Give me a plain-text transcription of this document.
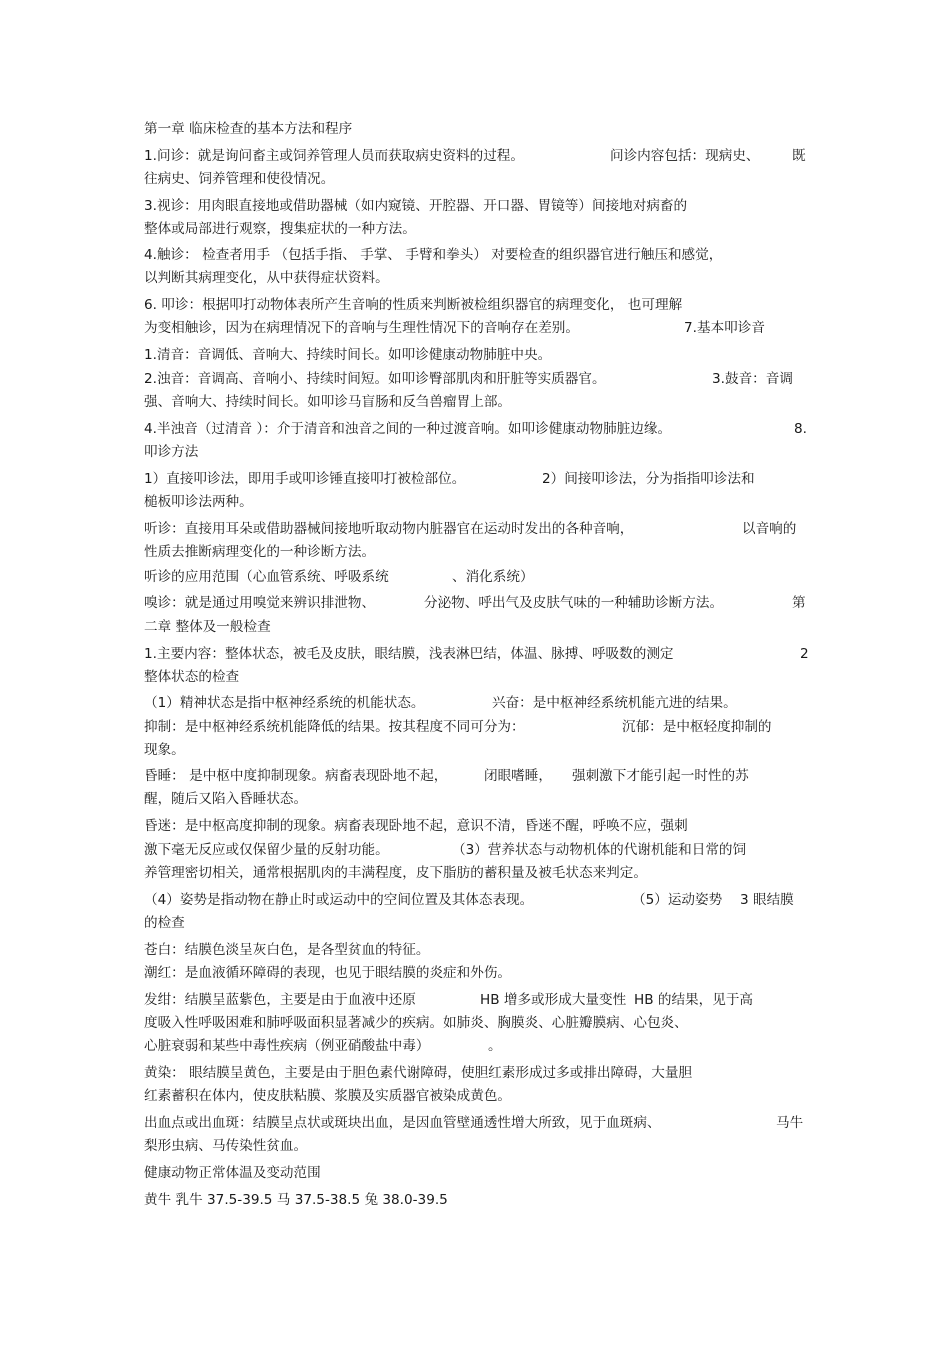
第一章 临床检查的基本方法和程序
1.问诊：就是询问畜主或饲养管理人员而获取病史资料的过程。	问诊内容包括：现病史、 既
往病史、饲养管理和使役情况。
3.视诊：用肉眼直接地或借助器械（如内窥镜、开腔器、开口器、胃镜等）间接地对病畜的
整体或局部进行观察，搜集症状的一种方法。
4.触诊： 检查者用手 （包括手指、 手掌、 手臂和拳头） 对要检查的组织器官进行触压和感觉，
以判断其病理变化，从中获得症状资料。
6. 叩诊：根据叩打动物体表所产生音响的性质来判断被检组织器官的病理变化， 也可理解
为变相触诊，因为在病理情况下的音响与生理性情况下的音响存在差别。	7.基本叩诊音
1.清音：音调低、音响大、持续时间长。如叩诊健康动物肺脏中央。
2.浊音：音调高、音响小、持续时间短。如叩诊臀部肌肉和肝脏等实质器官。	3.鼓音：音调
强、音响大、持续时间长。如叩诊马盲肠和反刍兽瘤胃上部。
4.半浊音（过清音 ）：介于清音和浊音之间的一种过渡音响。如叩诊健康动物肺脏边缘。	8.
叩诊方法
1）直接叩诊法，即用手或叩诊锤直接叩打被检部位。	2）间接叩诊法，分为指指叩诊法和
槌板叩诊法两种。
听诊：直接用耳朵或借助器械间接地听取动物内脏器官在运动时发出的各种音响，	以音响的
性质去推断病理变化的一种诊断方法。
听诊的应用范围（心血管系统、呼吸系统	、消化系统）
嗅诊：就是通过用嗅觉来辨识排泄物、	分泌物、呼出气及皮肤气味的一种辅助诊断方法。	第
二章 整体及一般检查
1.主要内容：整体状态，被毛及皮肤，眼结膜，浅表淋巴结，体温、脉搏、呼吸数的测定	2
整体状态的检查
（1）精神状态是指中枢神经系统的机能状态。	兴奋：是中枢神经系统机能亢进的结果。
抑制：是中枢神经系统机能降低的结果。按其程度不同可分为：	沉郁：是中枢轻度抑制的
现象。
昏睡： 是中枢中度抑制现象。病畜表现卧地不起，	闭眼嗜睡， 强刺激下才能引起一时性的苏
醒，随后又陷入昏睡状态。
昏迷：是中枢高度抑制的现象。病畜表现卧地不起，意识不清，昏迷不醒，呼唤不应，强刺
激下毫无反应或仅保留少量的反射功能。	（3）营养状态与动物机体的代谢机能和日常的饲
养管理密切相关，通常根据肌肉的丰满程度，皮下脂肪的蓄积量及被毛状态来判定。
（4）姿势是指动物在静止时或运动中的空间位置及其体态表现。	（5）运动姿势 3 眼结膜
的检查
苍白：结膜色淡呈灰白色，是各型贫血的特征。
潮红：是血液循环障碍的表现，也见于眼结膜的炎症和外伤。
发绀：结膜呈蓝紫色，主要是由于血液中还原	HB 增多或形成大量变性 HB 的结果，见于高
度吸入性呼吸困难和肺呼吸面积显著减少的疾病。如肺炎、胸膜炎、心脏瓣膜病、心包炎、
心脏衰弱和某些中毒性疾病（例亚硝酸盐中毒）	。
黄染： 眼结膜呈黄色，主要是由于胆色素代谢障碍，使胆红素形成过多或排出障碍，大量胆
红素蓄积在体内，使皮肤粘膜、浆膜及实质器官被染成黄色。
出血点或出血斑：结膜呈点状或斑块出血，是因血管壁通透性增大所致，见于血斑病、	马牛
梨形虫病、马传染性贫血。
健康动物正常体温及变动范围
黄牛 乳牛 37.5-39.5 马 37.5-38.5 兔 38.0-39.5
